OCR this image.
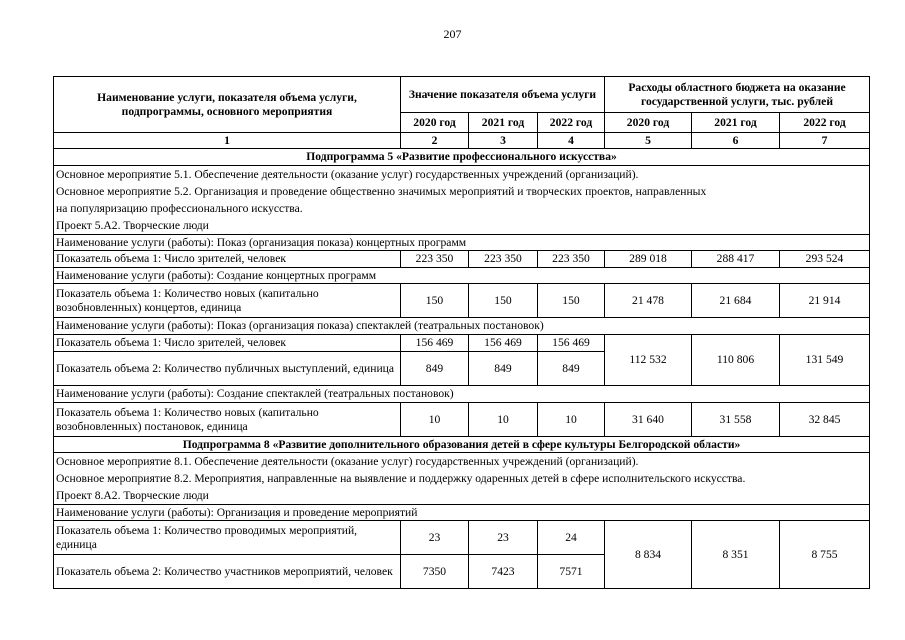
207
Наименование услуги, показателя объема услуги, подпрограммы, основного мероприятия	Значение показателя объема услуги			Расходы областного бюджета на оказание государственной услуги, тыс. рублей		
	2020 год	2021 год	2022 год	2020 год	2021 год	2022 год
1	2	3	4	5	6	7
Подпрограмма 5 «Развитие профессионального искусства»						

Основное мероприятие 5.1. Обеспечение деятельности (оказание услуг) государственных учреждений (организаций).
Основное мероприятие 5.2. Организация и проведение общественно значимых мероприятий и творческих проектов, направленных
на популяризацию профессионального искусства.
Проект 5.А2. Творческие люди						

Наименование услуги (работы): Показ (организация показа) концертных программ						
Показатель объема 1: Число зрителей, человек	223 350	223 350	223 350	289 018	288 417	293 524
Наименование услуги (работы): Создание концертных программ						
Показатель объема 1: Количество новых (капитально возобновленных) концертов, единица	150	150	150	21 478	21 684	21 914
Наименование услуги (работы): Показ (организация показа) спектаклей (театральных постановок)						
Показатель объема 1: Число зрителей, человек	156 469	156 469	156 469	112 532	110 806	131 549
Показатель объема 2: Количество публичных выступлений, единица	849	849	849			
Наименование услуги (работы): Создание спектаклей (театральных постановок)						
Показатель объема 1: Количество новых (капитально возобновленных) постановок, единица	10	10	10	31 640	31 558	32 845
Подпрограмма 8 «Развитие дополнительного образования детей в сфере культуры Белгородской области»						

Основное мероприятие 8.1. Обеспечение деятельности (оказание услуг) государственных учреждений (организаций).
Основное мероприятие 8.2. Мероприятия, направленные на выявление и поддержку одаренных детей в сфере исполнительского искусства.
Проект 8.А2. Творческие люди						

Наименование услуги (работы): Организация и проведение мероприятий						
Показатель объема 1: Количество проводимых мероприятий, единица	23	23	24	8 834	8 351	8 755
Показатель объема 2: Количество участников мероприятий, человек	7350	7423	7571			
